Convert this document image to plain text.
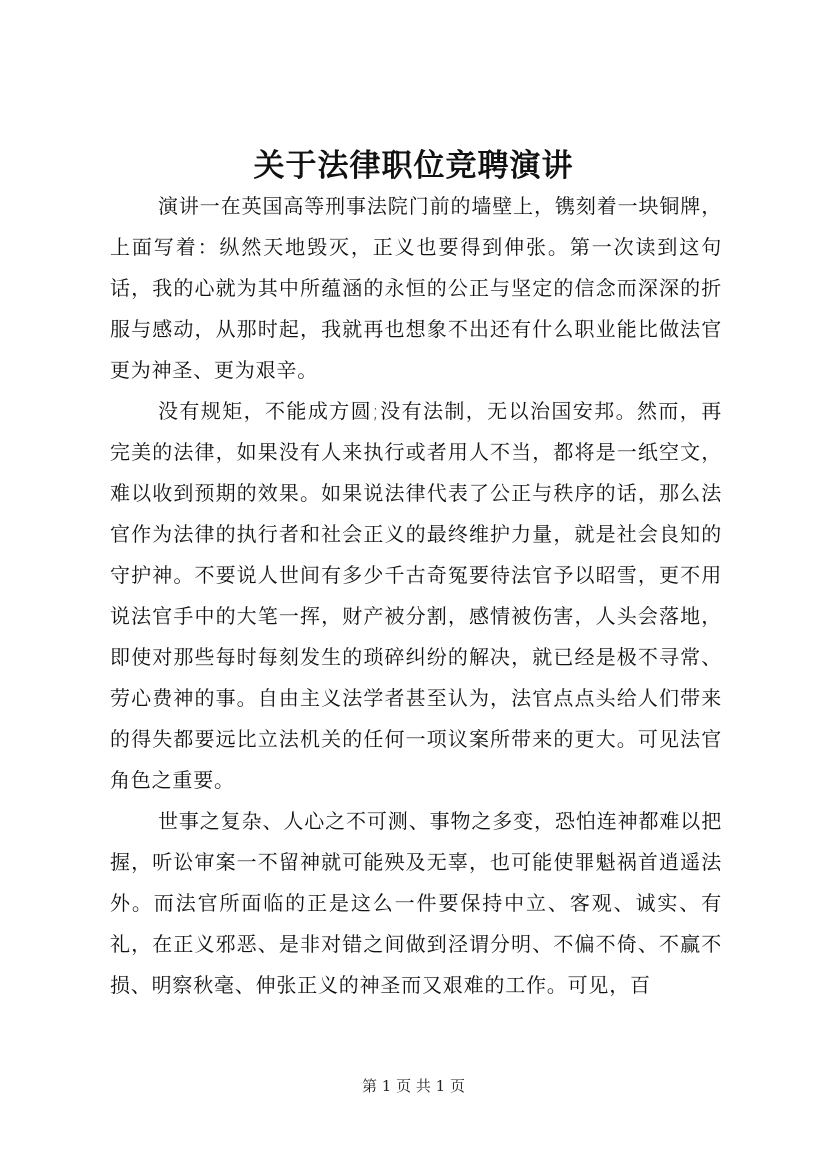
关于法律职位竞聘演讲

演讲一在英国高等刑事法院门前的墙壁上，镌刻着一块铜牌，上面写着：纵然天地毁灭，正义也要得到伸张。第一次读到这句话，我的心就为其中所蕴涵的永恒的公正与坚定的信念而深深的折服与感动，从那时起，我就再也想象不出还有什么职业能比做法官更为神圣、更为艰辛。

没有规矩，不能成方圆;没有法制，无以治国安邦。然而，再完美的法律，如果没有人来执行或者用人不当，都将是一纸空文，难以收到预期的效果。如果说法律代表了公正与秩序的话，那么法官作为法律的执行者和社会正义的最终维护力量，就是社会良知的守护神。不要说人世间有多少千古奇冤要待法官予以昭雪，更不用说法官手中的大笔一挥，财产被分割，感情被伤害，人头会落地，即使对那些每时每刻发生的琐碎纠纷的解决，就已经是极不寻常、劳心费神的事。自由主义法学者甚至认为，法官点点头给人们带来的得失都要远比立法机关的任何一项议案所带来的更大。可见法官角色之重要。

世事之复杂、人心之不可测、事物之多变，恐怕连神都难以把握，听讼审案一不留神就可能殃及无辜，也可能使罪魁祸首逍遥法外。而法官所面临的正是这么一件要保持中立、客观、诚实、有礼，在正义邪恶、是非对错之间做到泾谓分明、不偏不倚、不赢不损、明察秋毫、伸张正义的神圣而又艰难的工作。可见，百

第 1 页 共 1 页
